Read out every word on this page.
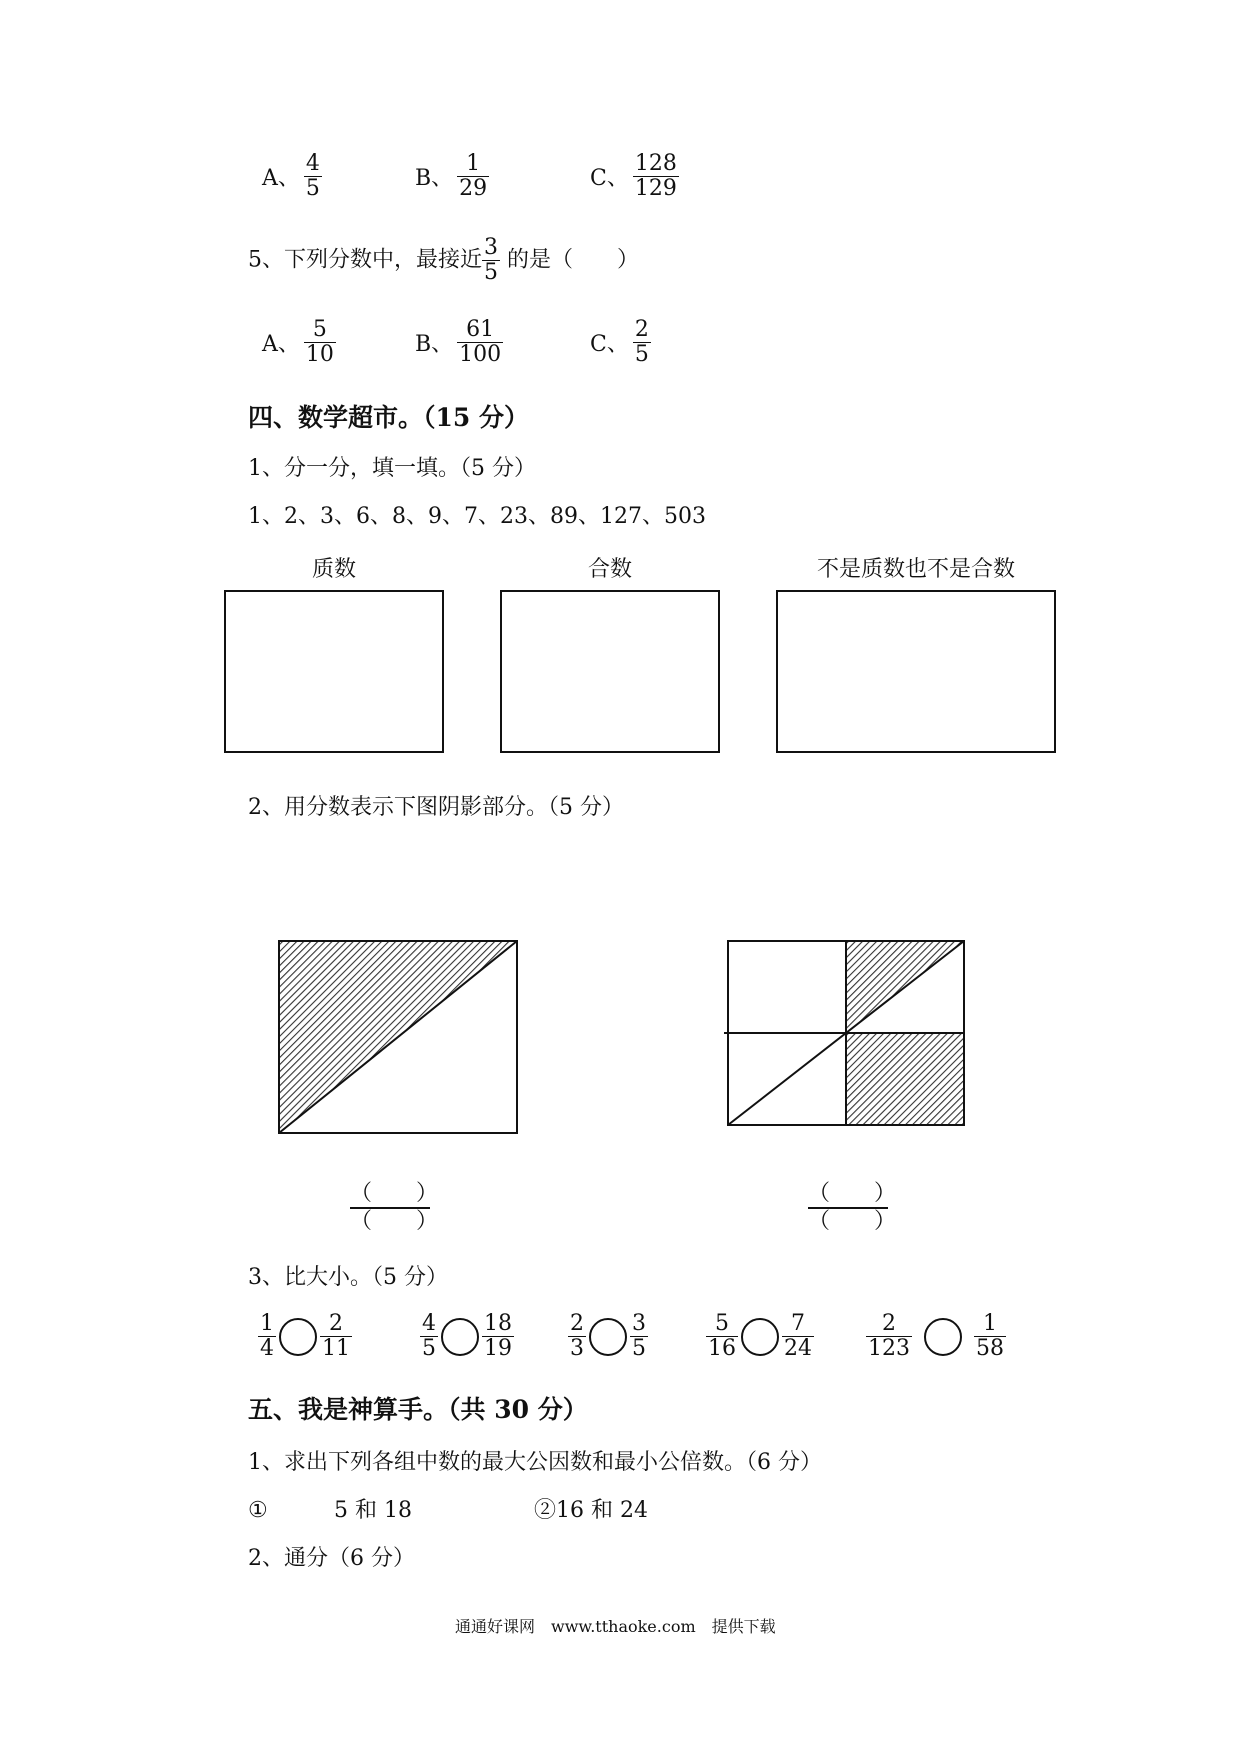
A、 $\frac{4}{5}$	B、 $\frac{1}{29}$	C、 $\frac{128}{129}$
5、下列分数中，最接近 $\frac{3}{5}$ 的是（　　）
A、 $\frac{5}{10}$	B、 $\frac{61}{100}$	C、 $\frac{2}{5}$
四、数学超市。（15 分）
1、分一分，填一填。（5 分）
1、2、3、6、8、9、7、23、89、127、503
质数	合数	不是质数也不是合数
2、用分数表示下图阴影部分。（5 分）
（　　）
（　　）
（　　）
（　　）
3、比大小。（5 分）
$\frac{1}{4} \frac{2}{11}$	$\frac{4}{5} \frac{18}{19} \frac{2}{3} \frac{3}{5}$	$\frac{5}{16} \frac{7}{24} \frac{2}{123}$	$\frac{1}{58}$
五、我是神算手。（共 30 分）
1、求出下列各组中数的最大公因数和最小公倍数。（6 分）
①	5 和 18	②16 和 24
2、通分（6 分）
通通好课网　www.tthaoke.com　提供下载
